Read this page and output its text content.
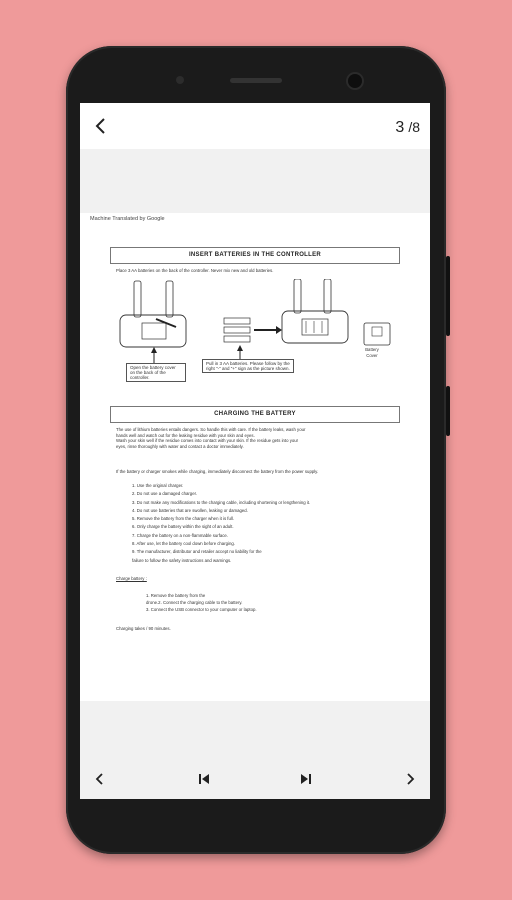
3 /8
Machine Translated by Google
INSERT BATTERIES IN THE CONTROLLER
Place 3 AA batteries on the back of the controller. Never mix new and old batteries.
Open the battery cover on the back of the controller.
Pull in 3 AA batteries. Please follow by the right "-" and "+" sign as the picture shown.
Battery Cover
CHARGING THE BATTERY
The use of lithium batteries entails dangers. So handle this with care. If the battery leaks, wash your
hands well and watch out for the leaking residue with your skin and eyes.
Wash your skin well if the residue comes into contact with your skin. If the residue gets into your
eyes, rinse thoroughly with water and contact a doctor immediately.
If the battery or charger smokes while charging, immediately disconnect the battery from the power supply.
1. Use the original charger.
2. Do not use a damaged charger.
3. Do not make any modifications to the charging cable, including shortening or lengthening it.
4. Do not use batteries that are swollen, leaking or damaged.
5. Remove the battery from the charger when it is full.
6. Only charge the battery within the sight of an adult.
7. Charge the battery on a non-flammable surface.
8. After use, let the battery cool down before charging.
9. The manufacturer, distributor and retailer accept no liability for the
failure to follow the safety instructions and warnings.
Charge battery :
1. Remove the battery from the
drone.2. Connect the charging cable to the battery.
3. Connect the USB connector to your computer or laptop.
Charging takes / 90 minutes.
